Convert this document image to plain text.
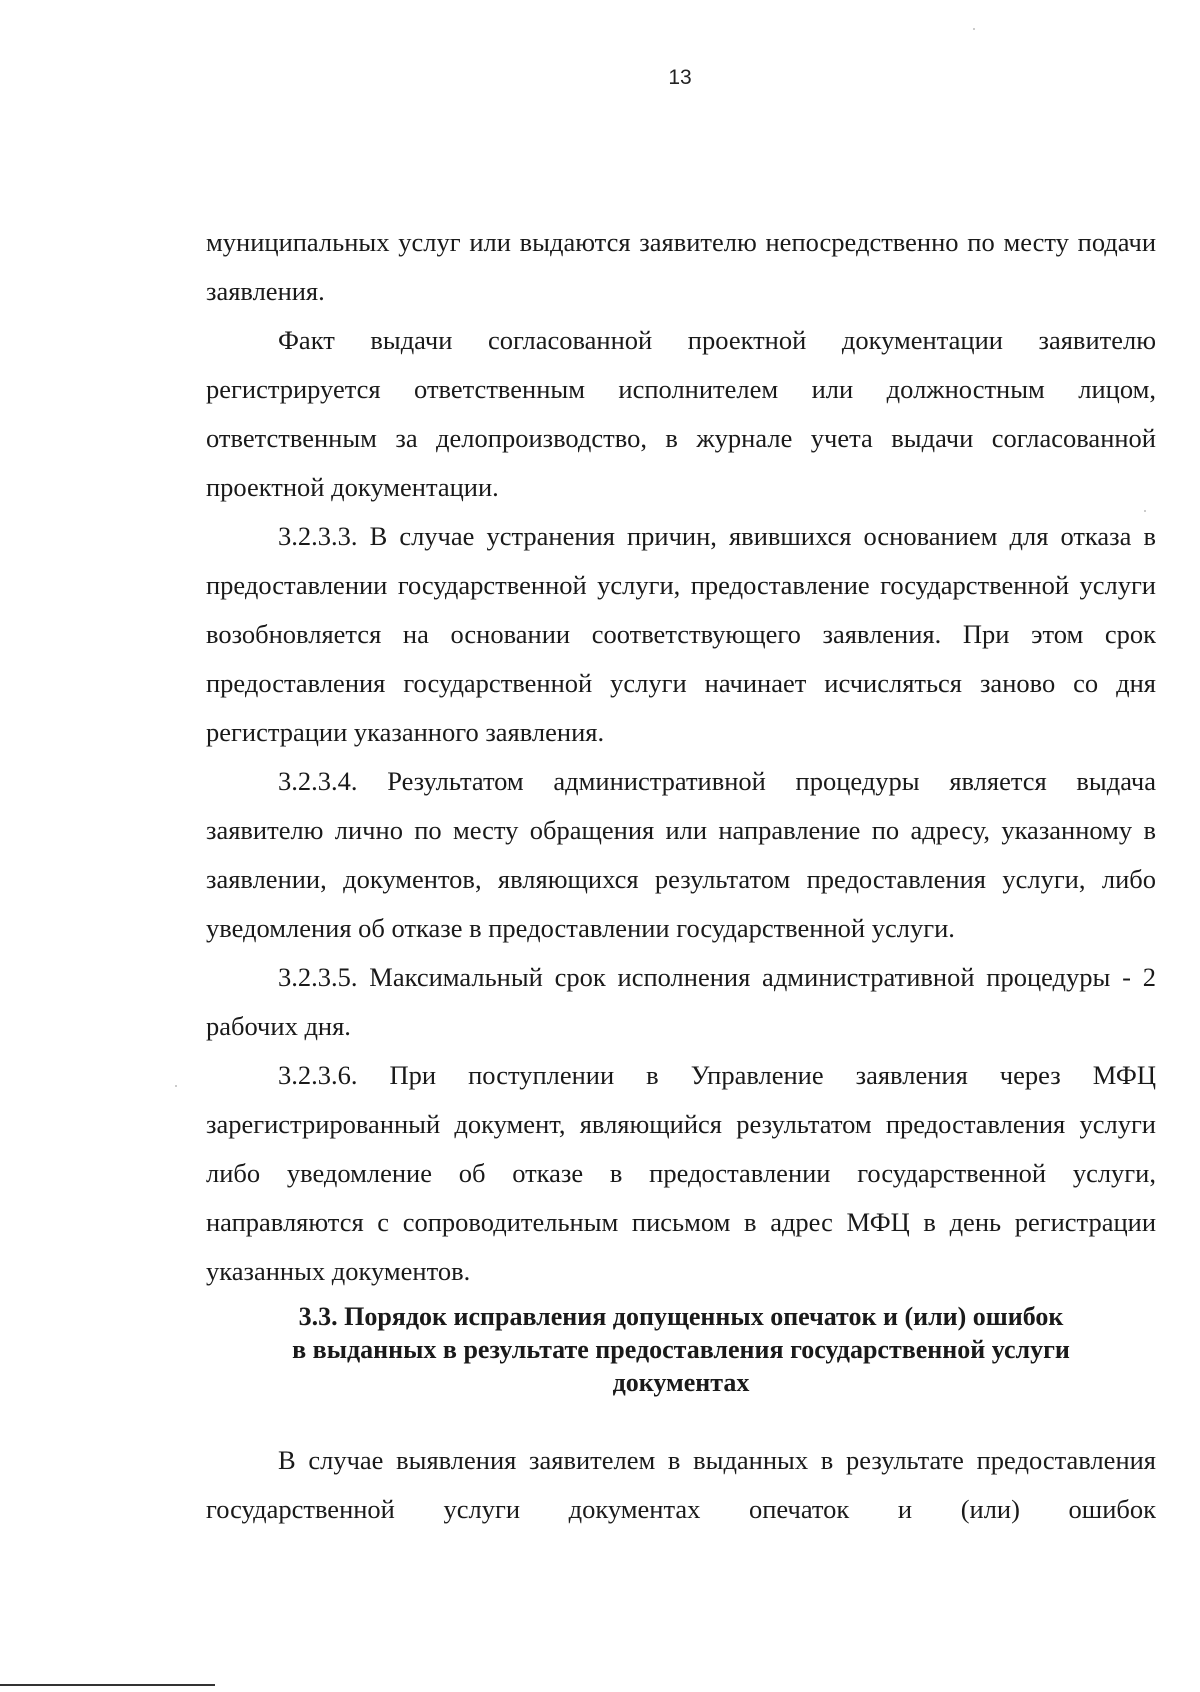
13

муниципальных услуг или выдаются заявителю непосредственно по месту подачи заявления.

Факт выдачи согласованной проектной документации заявителю регистрируется ответственным исполнителем или должностным лицом, ответственным за делопроизводство, в журнале учета выдачи согласованной проектной документации.

3.2.3.3. В случае устранения причин, явившихся основанием для отказа в предоставлении государственной услуги, предоставление государственной услуги возобновляется на основании соответствующего заявления. При этом срок предоставления государственной услуги начинает исчисляться заново со дня регистрации указанного заявления.

3.2.3.4. Результатом административной процедуры является выдача заявителю лично по месту обращения или направление по адресу, указанному в заявлении, документов, являющихся результатом предоставления услуги, либо уведомления об отказе в предоставлении государственной услуги.

3.2.3.5. Максимальный срок исполнения административной процедуры - 2 рабочих дня.

3.2.3.6. При поступлении в Управление заявления через МФЦ зарегистрированный документ, являющийся результатом предоставления услуги либо уведомление об отказе в предоставлении государственной услуги, направляются с сопроводительным письмом в адрес МФЦ в день регистрации указанных документов.

3.3. Порядок исправления допущенных опечаток и (или) ошибок
в выданных в результате предоставления государственной услуги
документах

В случае выявления заявителем в выданных в результате предоставления государственной услуги документах опечаток и (или) ошибок
